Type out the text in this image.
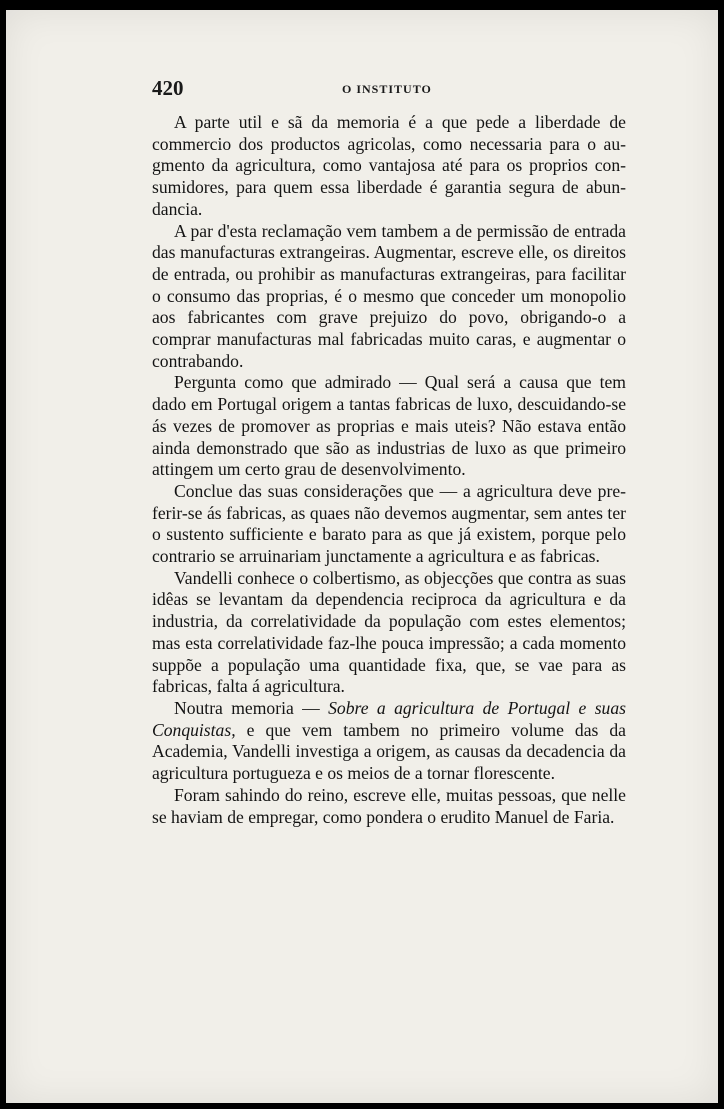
420	O INSTITUTO

A parte util e sã da memoria é a que pede a liberdade de commercio dos productos agricolas, como necessaria para o augmento da agricultura, como vantajosa até para os proprios consumidores, para quem essa liberdade é garantia segura de abundancia.

A par d'esta reclamação vem tambem a de permissão de entrada das manufacturas extrangeiras. Augmentar, escreve elle, os direitos de entrada, ou prohibir as manufacturas extrangeiras, para facilitar o consumo das proprias, é o mesmo que conceder um monopolio aos fabricantes com grave prejuizo do povo, obrigando-o a comprar manufacturas mal fabricadas muito caras, e augmentar o contrabando.

Pergunta como que admirado — Qual será a causa que tem dado em Portugal origem a tantas fabricas de luxo, descuidando-se ás vezes de promover as proprias e mais uteis? Não estava então ainda demonstrado que são as industrias de luxo as que primeiro attingem um certo grau de desenvolvimento.

Conclue das suas considerações que — a agricultura deve preferir-se ás fabricas, as quaes não devemos augmentar, sem antes ter o sustento sufficiente e barato para as que já existem, porque pelo contrario se arruinariam junctamente a agricultura e as fabricas.

Vandelli conhece o colbertismo, as objecções que contra as suas idêas se levantam da dependencia reciproca da agricultura e da industria, da correlatividade da população com estes elementos; mas esta correlatividade faz-lhe pouca impressão; a cada momento suppõe a população uma quantidade fixa, que, se vae para as fabricas, falta á agricultura.

Noutra memoria — Sobre a agricultura de Portugal e suas Conquistas, e que vem tambem no primeiro volume das da Academia, Vandelli investiga a origem, as causas da decadencia da agricultura portugueza e os meios de a tornar florescente.

Foram sahindo do reino, escreve elle, muitas pessoas, que nelle se haviam de empregar, como pondera o erudito Manuel de Faria.
